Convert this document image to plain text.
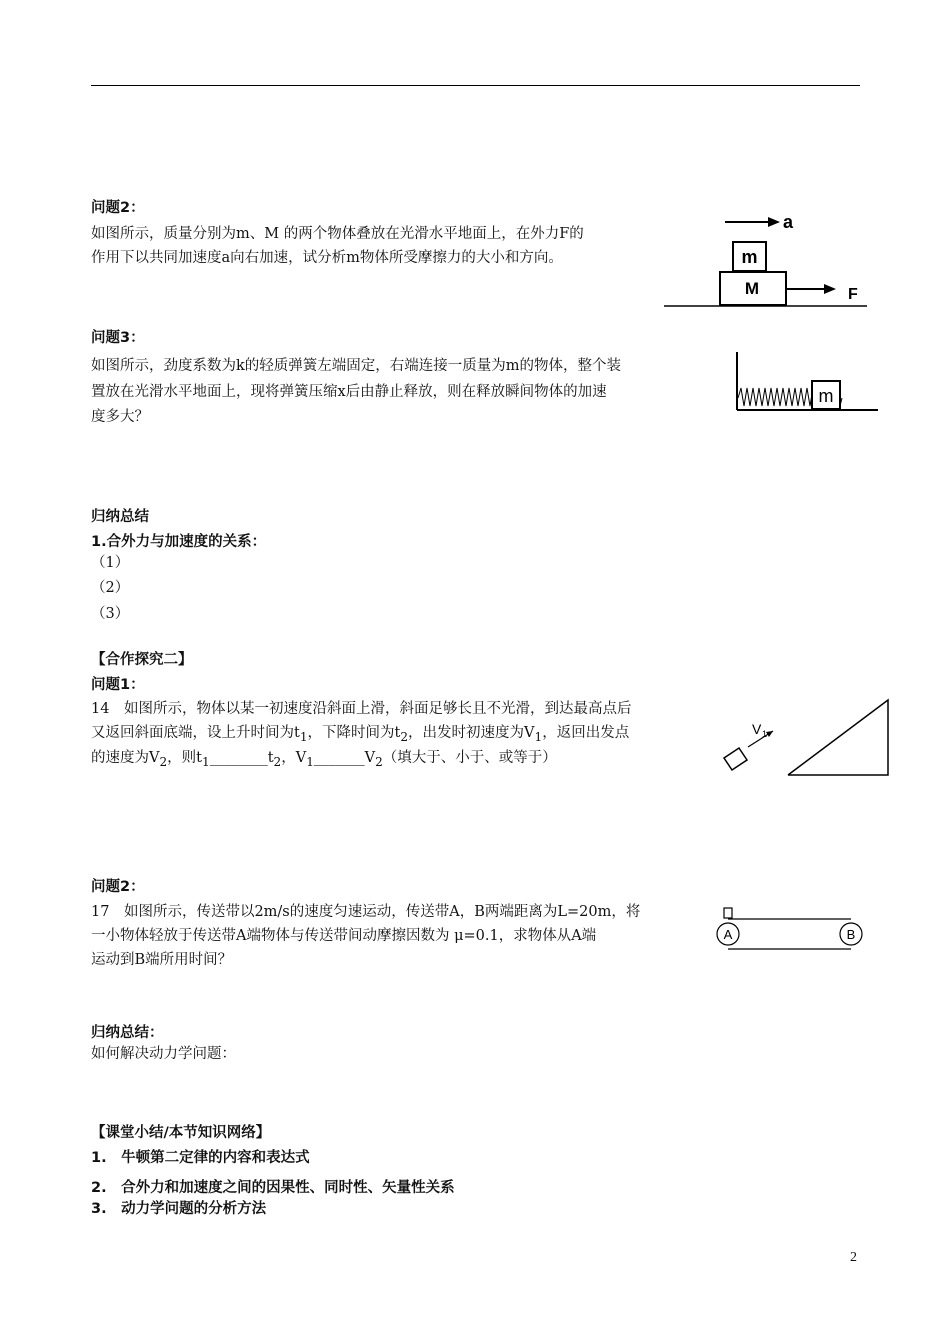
问题2：
如图所示，质量分别为m、M 的两个物体叠放在光滑水平地面上，在外力F的
作用下以共同加速度a向右加速，试分析m物体所受摩擦力的大小和方向。
a
m
M	F
问题3：
如图所示，劲度系数为k的轻质弹簧左端固定，右端连接一质量为m的物体，整个装
置放在光滑水平地面上，现将弹簧压缩x后由静止释放，则在释放瞬间物体的加速
度多大？
m
归纳总结
1.合外力与加速度的关系：
（1）
（2）
（3）
【合作探究二】
问题1：
14　如图所示，物体以某一初速度沿斜面上滑，斜面足够长且不光滑，到达最高点后
又返回斜面底端，设上升时间为$t_1$，下降时间为$t_2$，出发时初速度为$V_1$，返回出发点
的速度为$V_2$，则$t_1\_\_\_\_\_\_\_\_t_2$，$V_1\_\_\_\_\_\_\_V_2$（填大于、小于、或等于）
V 1
问题2：
17　如图所示，传送带以2m/s的速度匀速运动，传送带A，B两端距离为L=20m，将
一小物体轻放于传送带A端物体与传送带间动摩擦因数为 μ=0.1，求物体从A端
运动到B端所用时间？
A	B
归纳总结：
如何解决动力学问题：
【课堂小结/本节知识网络】
1.　牛顿第二定律的内容和表达式
2.　合外力和加速度之间的因果性、同时性、矢量性关系
3.　动力学问题的分析方法
2
